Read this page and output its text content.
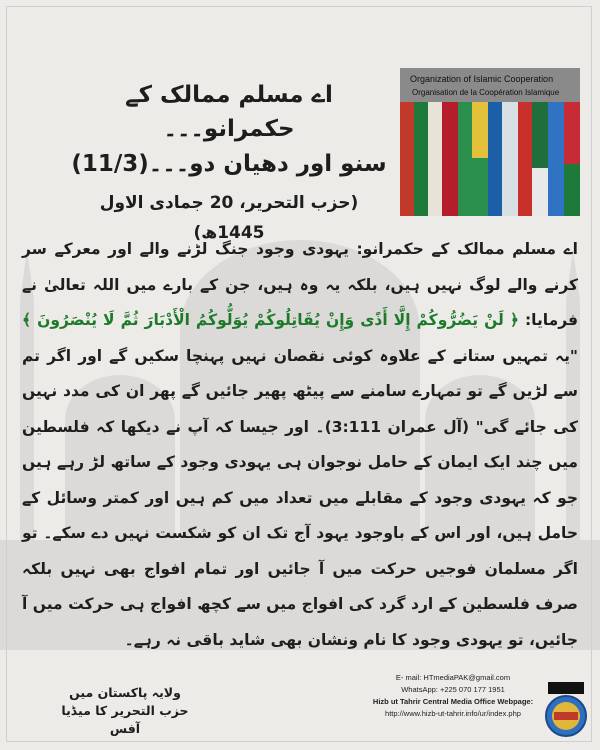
اے مسلم ممالک کے حکمرانو۔۔۔
سنو اور دھیان دو۔۔۔(11/3)
(حزب التحریر، 20 جمادی الاول 1445ھ)
Organization of Islamic Cooperation
Organisation de la Coopération Islamique
اے مسلم ممالک کے حکمرانو: یہودی وجود جنگ لڑنے والے اور معرکے سر کرنے والے لوگ نہیں ہیں، بلکہ یہ وہ ہیں، جن کے بارے میں اللہ تعالیٰ نے فرمایا: ﴿ لَنْ يَضُرُّوكُمْ إِلَّا أَذًى وَإِنْ يُقَاتِلُوكُمْ يُوَلُّوكُمُ الْأَدْبَارَ ثُمَّ لَا يُنْصَرُونَ ﴾ "یہ تمہیں ستانے کے علاوہ کوئی نقصان نہیں پہنچا سکیں گے اور اگر تم سے لڑیں گے تو تمہارے سامنے سے پیٹھ پھیر جائیں گے پھر ان کی مدد نہیں کی جائے گی" (آل عمران 3:111)۔ اور جیسا کہ آپ نے دیکھا کہ فلسطین میں چند ایک ایمان کے حامل نوجوان ہی یہودی وجود کے ساتھ لڑ رہے ہیں جو کہ یہودی وجود کے مقابلے میں تعداد میں کم ہیں اور کمتر وسائل کے حامل ہیں، اور اس کے باوجود یہود آج تک ان کو شکست نہیں دے سکے۔ تو اگر مسلمان فوجیں حرکت میں آ جائیں اور تمام افواج بھی نہیں بلکہ صرف فلسطین کے ارد گرد کی افواج میں سے کچھ افواج ہی حرکت میں آ جائیں، تو یہودی وجود کا نام ونشان بھی شاید باقی نہ رہے۔
ولایہ پاکستان میں
حزب التحریر کا میڈیا آفس
E- mail: HTmediaPAK@gmail.com
WhatsApp: +225 070 177 1951
Hizb ut Tahrir Central Media Office Webpage:
http://www.hizb-ut-tahrir.info/ur/index.php
